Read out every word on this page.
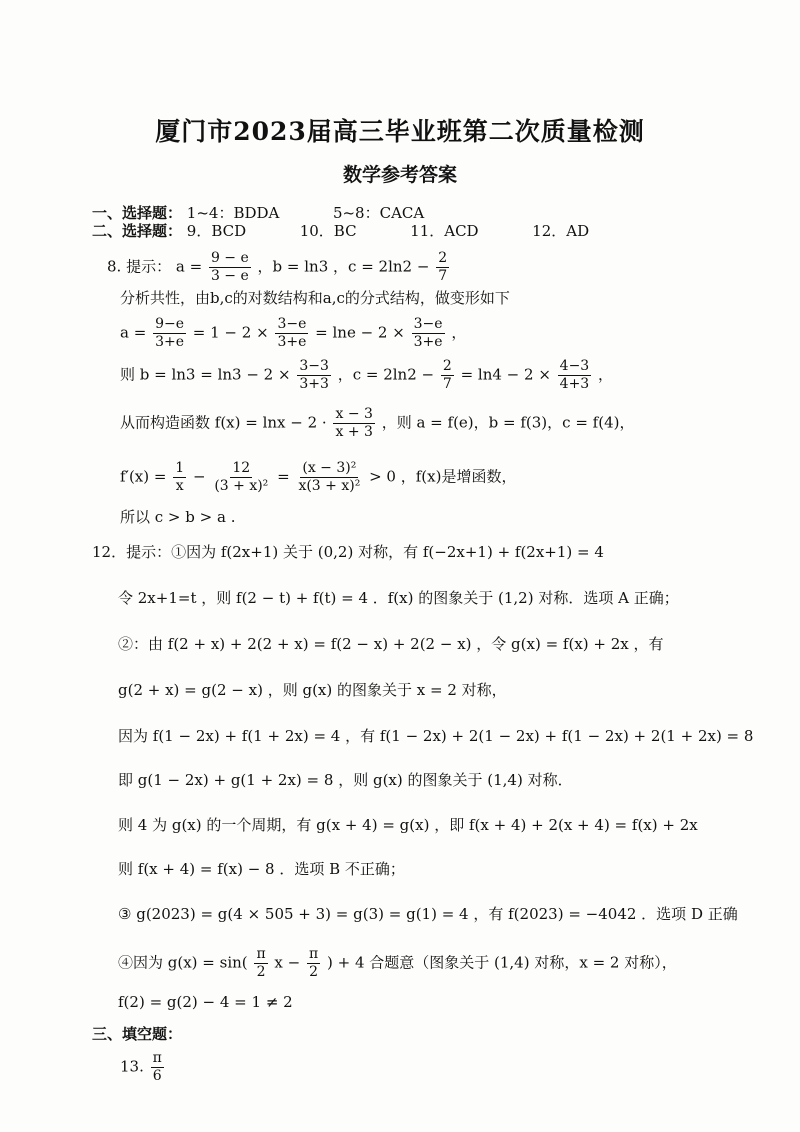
厦门市2023届高三毕业班第二次质量检测
数学参考答案
一、选择题： 1~4：BDDA	5~8：CACA
二、选择题： 9．BCD	10．BC	11．ACD	12．AD
8. 提示： $a = \frac{9 - e}{3 - e}$ ，b = ln3 ，$c = 2\ln 2 - \frac{2}{7}$
分析共性，由b,c的对数结构和a,c的分式结构，做变形如下
$a = \frac{9-e}{3+e} = 1 - 2 \times \frac{3-e}{3+e} = \ln e - 2 \times \frac{3-e}{3+e}$ ，
则 $b = \ln 3 = \ln 3 - 2 \times \frac{3-3}{3+3}$ ，$c = 2\ln 2 - \frac{2}{7} = \ln 4 - 2 \times \frac{4-3}{4+3}$ ，
从而构造函数 $f(x) = \ln x - 2 \cdot \frac{x - 3}{x + 3}$ ，则 a = f(e)，b = f(3)，c = f(4)，
$f'(x) = \frac{1}{x} - \frac{12}{\text{(3 + x)²}} = \frac{\text{(x − 3)²}}{\text{x(3 + x)²}} > 0$ ，f(x)是增函数，
所以 c > b > a .
12．提示：①因为 f(2x+1) 关于 (0,2) 对称，有 f(−2x+1) + f(2x+1) = 4
令 2x+1=t ，则 f(2 − t) + f(t) = 4 ．f(x) 的图象关于 (1,2) 对称．选项 A 正确；
②：由 f(2 + x) + 2(2 + x) = f(2 − x) + 2(2 − x) ，令 g(x) = f(x) + 2x ，有
g(2 + x) = g(2 − x) ，则 g(x) 的图象关于 x = 2 对称，
因为 f(1 − 2x) + f(1 + 2x) = 4 ，有 f(1 − 2x) + 2(1 − 2x) + f(1 − 2x) + 2(1 + 2x) = 8
即 g(1 − 2x) + g(1 + 2x) = 8 ，则 g(x) 的图象关于 (1,4) 对称．
则 4 为 g(x) 的一个周期，有 g(x + 4) = g(x) ，即 f(x + 4) + 2(x + 4) = f(x) + 2x
则 f(x + 4) = f(x) − 8 ．选项 B 不正确；
③ g(2023) = g(4 × 505 + 3) = g(3) = g(1) = 4 ，有 f(2023) = −4042 ．选项 D 正确
④因为 $g(x) = \sin( \frac{\pi}{2}$ $x - \frac{\pi}{2}$ ) + 4 合题意（图象关于 (1,4) 对称，x = 2 对称），
f(2) = g(2) − 4 = 1 ≠ 2
三、填空题：
13. $\frac{\pi}{6}$
